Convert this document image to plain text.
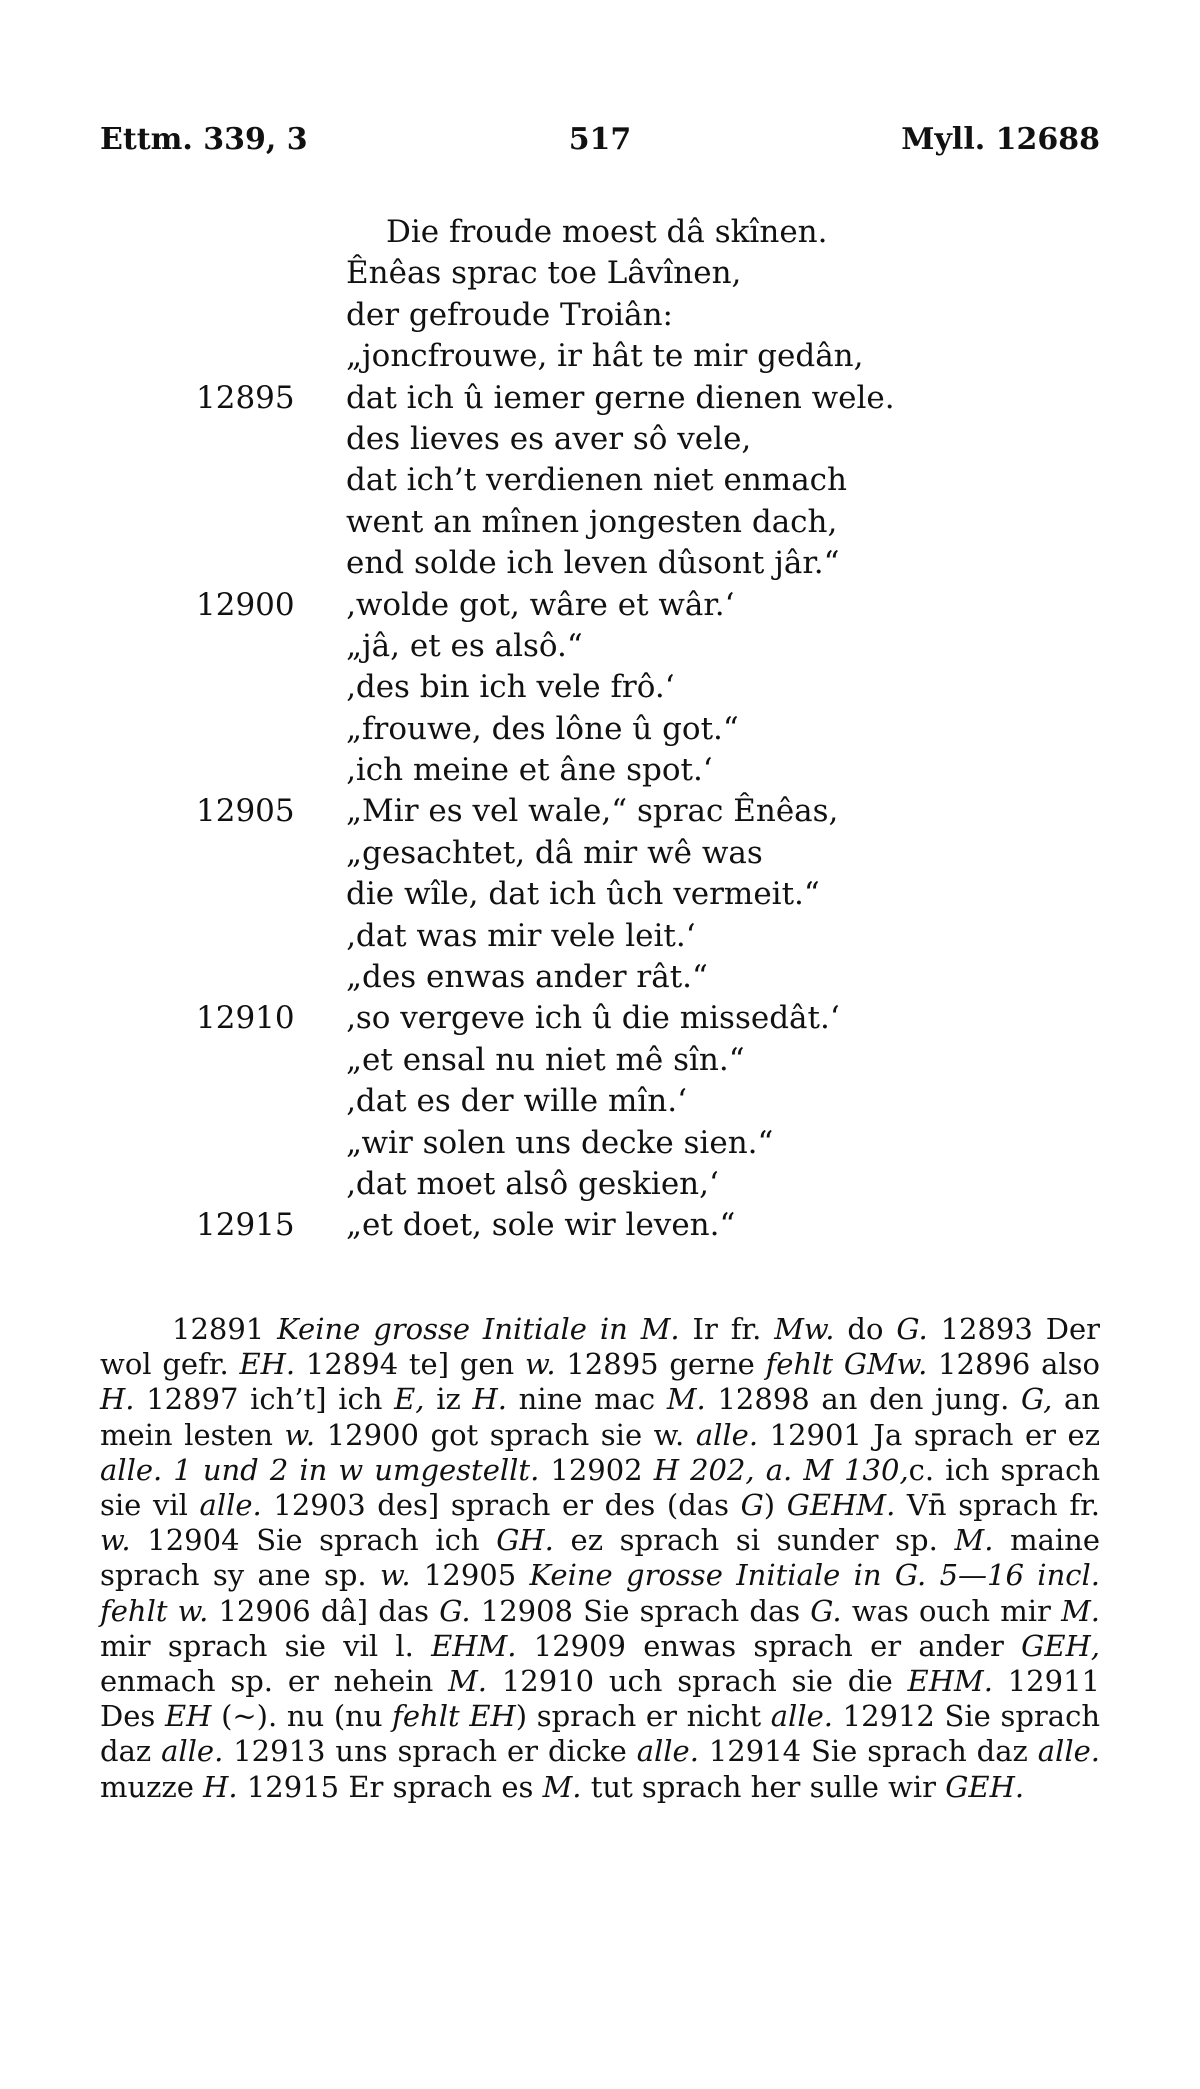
517
Ettm. 339, 3	Myll. 12688
Die froude moest dâ skînen.
Ênêas sprac toe Lâvînen,
der gefroude Troiân:
„joncfrouwe, ir hât te mir gedân,
12895 dat ich û iemer gerne dienen wele.
des lieves es aver sô vele,
dat ich’t verdienen niet enmach
went an mînen jongesten dach,
end solde ich leven dûsont jâr.“
12900 ‚wolde got, wâre et wâr.‘
„jâ, et es alsô.“
‚des bin ich vele frô.‘
„frouwe, des lône û got.“
‚ich meine et âne spot.‘
12905 „Mir es vel wale,“ sprac Ênêas,
„gesachtet, dâ mir wê was
die wîle, dat ich ûch vermeit.“
‚dat was mir vele leit.‘
„des enwas ander rât.“
12910 ‚so vergeve ich û die missedât.‘
„et ensal nu niet mê sîn.“
‚dat es der wille mîn.‘
„wir solen uns decke sien.“
‚dat moet alsô geskien,‘
12915 „et doet, sole wir leven.“

12891 Keine grosse Initiale in M. Ir fr. Mw. do G. 12893 Der wol gefr. EH. 12894 te] gen w. 12895 gerne fehlt GMw. 12896 also H. 12897 ich’t] ich E, iz H. nine mac M. 12898 an den jung. G, an mein lesten w. 12900 got sprach sie w. alle. 12901 Ja sprach er ez alle. 1 und 2 in w umgestellt. 12902 H 202, a. M 130,c. ich sprach sie vil alle. 12903 des] sprach er des (das G) GEHM. Vn̄ sprach fr. w. 12904 Sie sprach ich GH. ez sprach si sunder sp. M. maine sprach sy ane sp. w. 12905 Keine grosse Initiale in G. 5—16 incl. fehlt w. 12906 dâ] das G. 12908 Sie sprach das G. was ouch mir M. mir sprach sie vil l. EHM. 12909 enwas sprach er ander GEH, enmach sp. er nehein M. 12910 uch sprach sie die EHM. 12911 Des EH (~). nu (nu fehlt EH) sprach er nicht alle. 12912 Sie sprach daz alle. 12913 uns sprach er dicke alle. 12914 Sie sprach daz alle. muzze H. 12915 Er sprach es M. tut sprach her sulle wir GEH.
